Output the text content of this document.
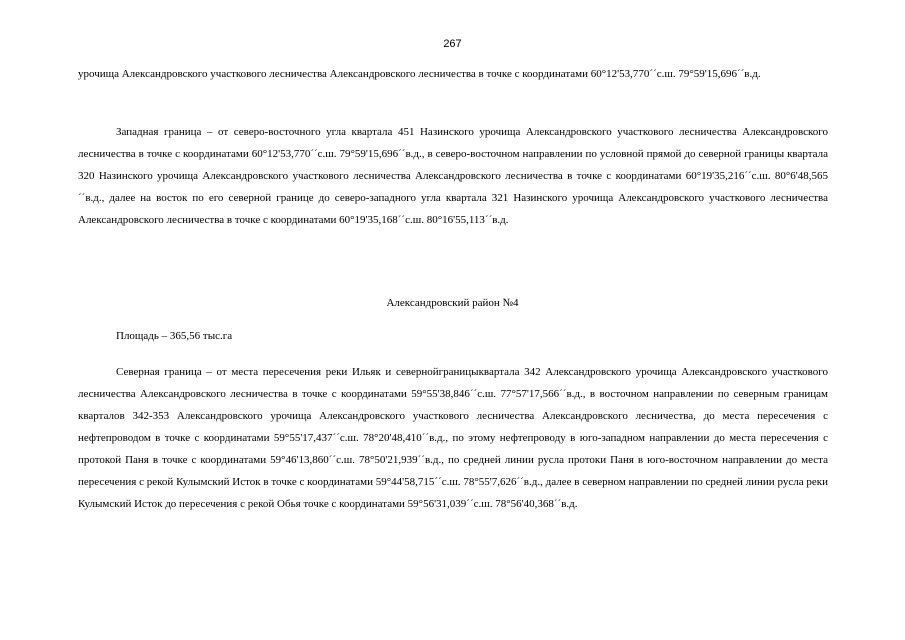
267

урочища Александровского участкового лесничества Александровского лесничества в точке с координатами 60°12'53,770´´с.ш. 79°59'15,696´´в.д.

Западная граница – от северо-восточного угла квартала 451 Назинского урочища Александровского участкового лесничества Александровского лесничества в точке с координатами 60°12'53,770´´с.ш. 79°59'15,696´´в.д., в северо-восточном направлении по условной прямой до северной границы квартала 320 Назинского урочища Александровского участкового лесничества Александровского лесничества в точке с координатами 60°19'35,216´´с.ш. 80°6'48,565´´в.д., далее на восток по его северной границе до северо-западного угла квартала 321 Назинского урочища Александровского участкового лесничества Александровского лесничества в точке с координатами 60°19'35,168´´с.ш. 80°16'55,113´´в.д.

Александровский район №4
Площадь – 365,56 тыс.га

Северная граница – от места пересечения реки Ильяк и севернойграницыквартала 342 Александровского урочища Александровского участкового лесничества Александровского лесничества в точке с координатами 59°55'38,846´´с.ш. 77°57'17,566´´в.д., в восточном направлении по северным границам кварталов 342-353 Александровского урочища Александровского участкового лесничества Александровского лесничества, до места пересечения с нефтепроводом в точке с координатами 59°55'17,437´´с.ш. 78°20'48,410´´в.д., по этому нефтепроводу в юго-западном направлении до места пересечения с протокой Паня в точке с координатами 59°46'13,860´´с.ш. 78°50'21,939´´в.д., по средней линии русла протоки Паня в юго-восточном направлении до места пересечения с рекой Кулымский Исток в точке с координатами 59°44'58,715´´с.ш. 78°55'7,626´´в.д., далее в северном направлении по средней линии русла реки Кулымский Исток до пересечения с рекой Обья точке с координатами 59°56'31,039´´с.ш. 78°56'40,368´´в.д.
